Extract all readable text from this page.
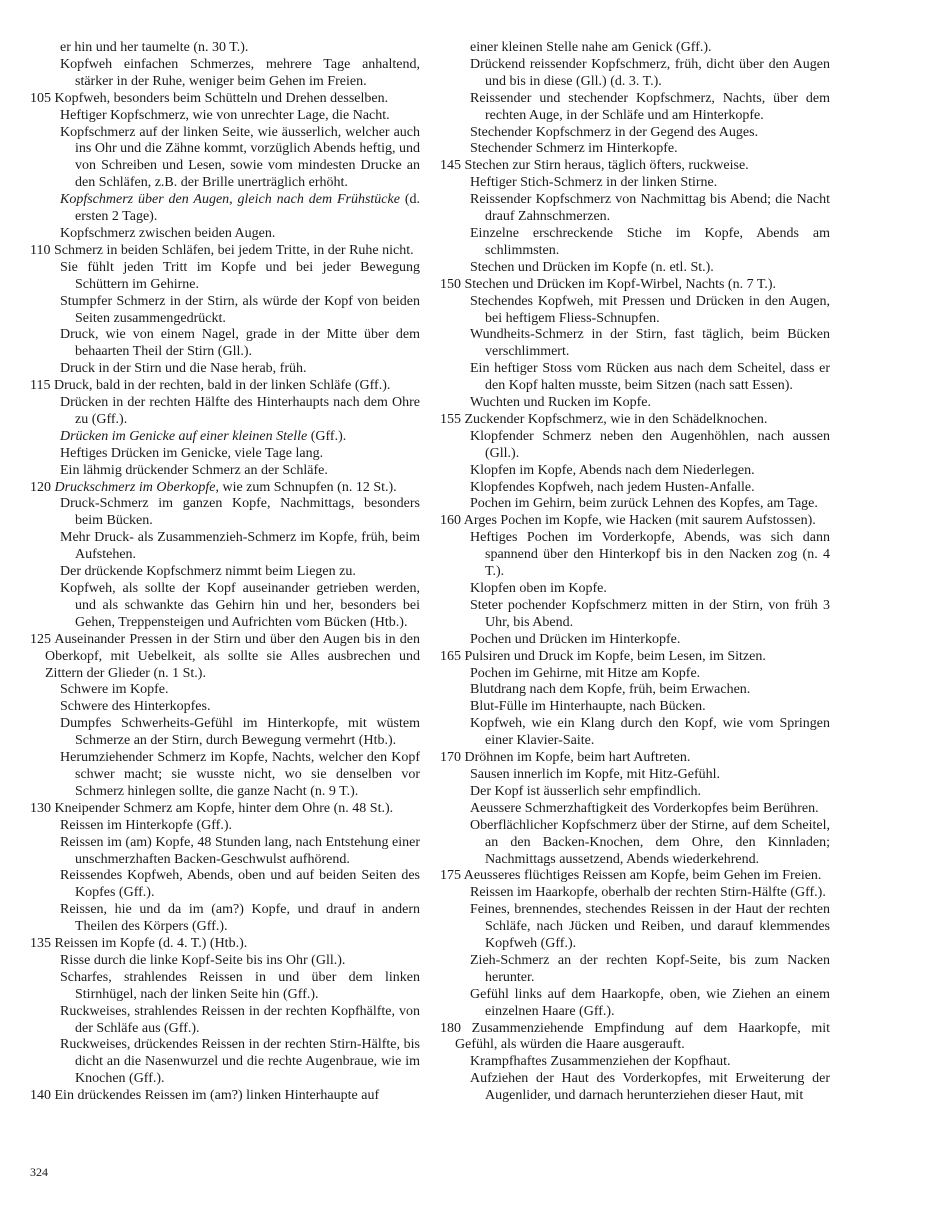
er hin und her taumelte (n. 30 T.).
Kopfweh einfachen Schmerzes, mehrere Tage anhaltend, stärker in der Ruhe, weniger beim Gehen im Freien.
105 Kopfweh, besonders beim Schütteln und Drehen desselben.
Heftiger Kopfschmerz, wie von unrechter Lage, die Nacht.
Kopfschmerz auf der linken Seite, wie äusserlich, welcher auch ins Ohr und die Zähne kommt, vorzüglich Abends heftig, und von Schreiben und Lesen, sowie vom mindesten Drucke an den Schläfen, z.B. der Brille unerträglich erhöht.
Kopfschmerz über den Augen, gleich nach dem Frühstücke (d. ersten 2 Tage).
Kopfschmerz zwischen beiden Augen.
110 Schmerz in beiden Schläfen, bei jedem Tritte, in der Ruhe nicht.
Sie fühlt jeden Tritt im Kopfe und bei jeder Bewegung Schüttern im Gehirne.
Stumpfer Schmerz in der Stirn, als würde der Kopf von beiden Seiten zusammengedrückt.
Druck, wie von einem Nagel, grade in der Mitte über dem behaarten Theil der Stirn (Gll.).
Druck in der Stirn und die Nase herab, früh.
115 Druck, bald in der rechten, bald in der linken Schläfe (Gff.).
Drücken in der rechten Hälfte des Hinterhaupts nach dem Ohre zu (Gff.).
Drücken im Genicke auf einer kleinen Stelle (Gff.).
Heftiges Drücken im Genicke, viele Tage lang.
Ein lähmig drückender Schmerz an der Schläfe.
120 Druckschmerz im Oberkopfe, wie zum Schnupfen (n. 12 St.).
Druck-Schmerz im ganzen Kopfe, Nachmittags, besonders beim Bücken.
Mehr Druck- als Zusammenzieh-Schmerz im Kopfe, früh, beim Aufstehen.
Der drückende Kopfschmerz nimmt beim Liegen zu.
Kopfweh, als sollte der Kopf auseinander getrieben werden, und als schwankte das Gehirn hin und her, besonders bei Gehen, Treppensteigen und Aufrichten vom Bücken (Htb.).
125 Auseinander Pressen in der Stirn und über den Augen bis in den Oberkopf, mit Uebelkeit, als sollte sie Alles ausbrechen und Zittern der Glieder (n. 1 St.).
Schwere im Kopfe.
Schwere des Hinterkopfes.
Dumpfes Schwerheits-Gefühl im Hinterkopfe, mit wüstem Schmerze an der Stirn, durch Bewegung vermehrt (Htb.).
Herumziehender Schmerz im Kopfe, Nachts, welcher den Kopf schwer macht; sie wusste nicht, wo sie denselben vor Schmerz hinlegen sollte, die ganze Nacht (n. 9 T.).
130 Kneipender Schmerz am Kopfe, hinter dem Ohre (n. 48 St.).
Reissen im Hinterkopfe (Gff.).
Reissen im (am) Kopfe, 48 Stunden lang, nach Entstehung einer unschmerzhaften Backen-Geschwulst aufhörend.
Reissendes Kopfweh, Abends, oben und auf beiden Seiten des Kopfes (Gff.).
Reissen, hie und da im (am?) Kopfe, und drauf in andern Theilen des Körpers (Gff.).
135 Reissen im Kopfe (d. 4. T.) (Htb.).
Risse durch die linke Kopf-Seite bis ins Ohr (Gll.).
Scharfes, strahlendes Reissen in und über dem linken Stirnhügel, nach der linken Seite hin (Gff.).
Ruckweises, strahlendes Reissen in der rechten Kopfhälfte, von der Schläfe aus (Gff.).
Ruckweises, drückendes Reissen in der rechten Stirn-Hälfte, bis dicht an die Nasenwurzel und die rechte Augenbraue, wie im Knochen (Gff.).
140 Ein drückendes Reissen im (am?) linken Hinterhaupte auf
einer kleinen Stelle nahe am Genick (Gff.).
Drückend reissender Kopfschmerz, früh, dicht über den Augen und bis in diese (Gll.) (d. 3. T.).
Reissender und stechender Kopfschmerz, Nachts, über dem rechten Auge, in der Schläfe und am Hinterkopfe.
Stechender Kopfschmerz in der Gegend des Auges.
Stechender Schmerz im Hinterkopfe.
145 Stechen zur Stirn heraus, täglich öfters, ruckweise.
Heftiger Stich-Schmerz in der linken Stirne.
Reissender Kopfschmerz von Nachmittag bis Abend; die Nacht drauf Zahnschmerzen.
Einzelne erschreckende Stiche im Kopfe, Abends am schlimmsten.
Stechen und Drücken im Kopfe (n. etl. St.).
150 Stechen und Drücken im Kopf-Wirbel, Nachts (n. 7 T.).
Stechendes Kopfweh, mit Pressen und Drücken in den Augen, bei heftigem Fliess-Schnupfen.
Wundheits-Schmerz in der Stirn, fast täglich, beim Bücken verschlimmert.
Ein heftiger Stoss vom Rücken aus nach dem Scheitel, dass er den Kopf halten musste, beim Sitzen (nach satt Essen).
Wuchten und Rucken im Kopfe.
155 Zuckender Kopfschmerz, wie in den Schädelknochen.
Klopfender Schmerz neben den Augenhöhlen, nach aussen (Gll.).
Klopfen im Kopfe, Abends nach dem Niederlegen.
Klopfendes Kopfweh, nach jedem Husten-Anfalle.
Pochen im Gehirn, beim zurück Lehnen des Kopfes, am Tage.
160 Arges Pochen im Kopfe, wie Hacken (mit saurem Aufstossen).
Heftiges Pochen im Vorderkopfe, Abends, was sich dann spannend über den Hinterkopf bis in den Nacken zog (n. 4 T.).
Klopfen oben im Kopfe.
Steter pochender Kopfschmerz mitten in der Stirn, von früh 3 Uhr, bis Abend.
Pochen und Drücken im Hinterkopfe.
165 Pulsiren und Druck im Kopfe, beim Lesen, im Sitzen.
Pochen im Gehirne, mit Hitze am Kopfe.
Blutdrang nach dem Kopfe, früh, beim Erwachen.
Blut-Fülle im Hinterhaupte, nach Bücken.
Kopfweh, wie ein Klang durch den Kopf, wie vom Springen einer Klavier-Saite.
170 Dröhnen im Kopfe, beim hart Auftreten.
Sausen innerlich im Kopfe, mit Hitz-Gefühl.
Der Kopf ist äusserlich sehr empfindlich.
Aeussere Schmerzhaftigkeit des Vorderkopfes beim Berühren.
Oberflächlicher Kopfschmerz über der Stirne, auf dem Scheitel, an den Backen-Knochen, dem Ohre, den Kinnladen; Nachmittags aussetzend, Abends wiederkehrend.
175 Aeusseres flüchtiges Reissen am Kopfe, beim Gehen im Freien.
Reissen im Haarkopfe, oberhalb der rechten Stirn-Hälfte (Gff.).
Feines, brennendes, stechendes Reissen in der Haut der rechten Schläfe, nach Jücken und Reiben, und darauf klemmendes Kopfweh (Gff.).
Zieh-Schmerz an der rechten Kopf-Seite, bis zum Nacken herunter.
Gefühl links auf dem Haarkopfe, oben, wie Ziehen an einem einzelnen Haare (Gff.).
180 Zusammenziehende Empfindung auf dem Haarkopfe, mit Gefühl, als würden die Haare ausgerauft.
Krampfhaftes Zusammenziehen der Kopfhaut.
Aufziehen der Haut des Vorderkopfes, mit Erweiterung der Augenlider, und darnach herunterziehen dieser Haut, mit
324
